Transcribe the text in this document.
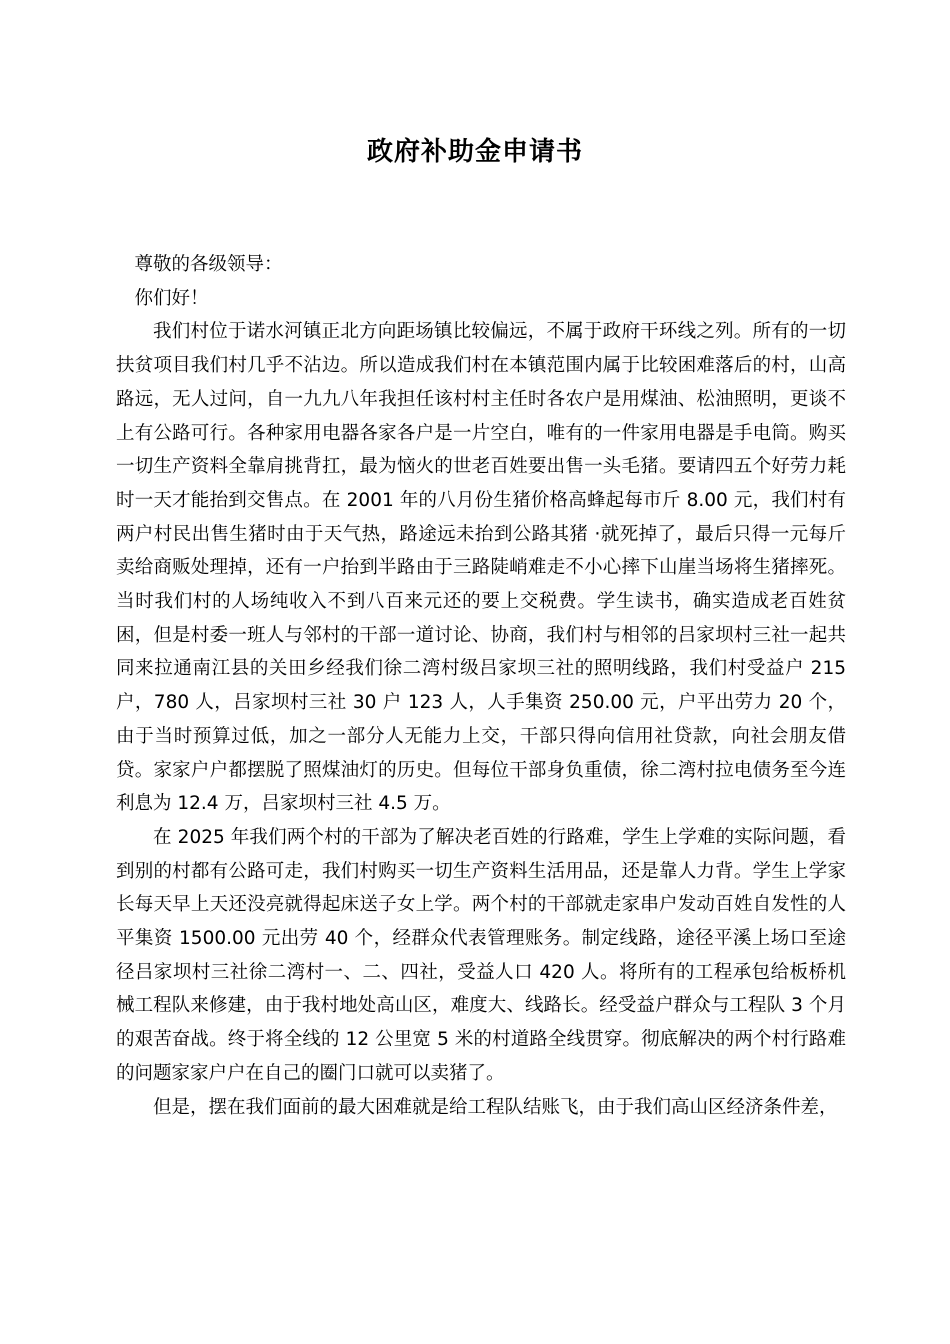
政府补助金申请书

尊敬的各级领导：

你们好！

我们村位于诺水河镇正北方向距场镇比较偏远，不属于政府干环线之列。所有的一切扶贫项目我们村几乎不沾边。所以造成我们村在本镇范围内属于比较困难落后的村，山高路远，无人过问，自一九九八年我担任该村村主任时各农户是用煤油、松油照明，更谈不上有公路可行。各种家用电器各家各户是一片空白，唯有的一件家用电器是手电筒。购买一切生产资料全靠肩挑背扛，最为恼火的世老百姓要出售一头毛猪。要请四五个好劳力耗时一天才能抬到交售点。在 2001 年的八月份生猪价格高蜂起每市斤 8.00 元，我们村有两户村民出售生猪时由于天气热，路途远未抬到公路其猪 ·就死掉了，最后只得一元每斤卖给商贩处理掉，还有一户抬到半路由于三路陡峭难走不小心摔下山崖当场将生猪摔死。当时我们村的人场纯收入不到八百来元还的要上交税费。学生读书，确实造成老百姓贫困，但是村委一班人与邻村的干部一道讨论、协商，我们村与相邻的吕家坝村三社一起共同来拉通南江县的关田乡经我们徐二湾村级吕家坝三社的照明线路，我们村受益户 215 户，780 人，吕家坝村三社 30 户 123 人，人手集资 250.00 元，户平出劳力 20 个，由于当时预算过低，加之一部分人无能力上交，干部只得向信用社贷款，向社会朋友借贷。家家户户都摆脱了照煤油灯的历史。但每位干部身负重债，徐二湾村拉电债务至今连利息为 12.4 万，吕家坝村三社 4.5 万。

在 2025 年我们两个村的干部为了解决老百姓的行路难，学生上学难的实际问题，看到别的村都有公路可走，我们村购买一切生产资料生活用品，还是靠人力背。学生上学家长每天早上天还没亮就得起床送子女上学。两个村的干部就走家串户发动百姓自发性的人平集资 1500.00 元出劳 40 个，经群众代表管理账务。制定线路，途径平溪上场口至途径吕家坝村三社徐二湾村一、二、四社，受益人口 420 人。将所有的工程承包给板桥机械工程队来修建，由于我村地处高山区，难度大、线路长。经受益户群众与工程队 3 个月的艰苦奋战。终于将全线的 12 公里宽 5 米的村道路全线贯穿。彻底解决的两个村行路难的问题家家户户在自己的圈门口就可以卖猪了。

但是，摆在我们面前的最大困难就是给工程队结账飞，由于我们高山区经济条件差，
